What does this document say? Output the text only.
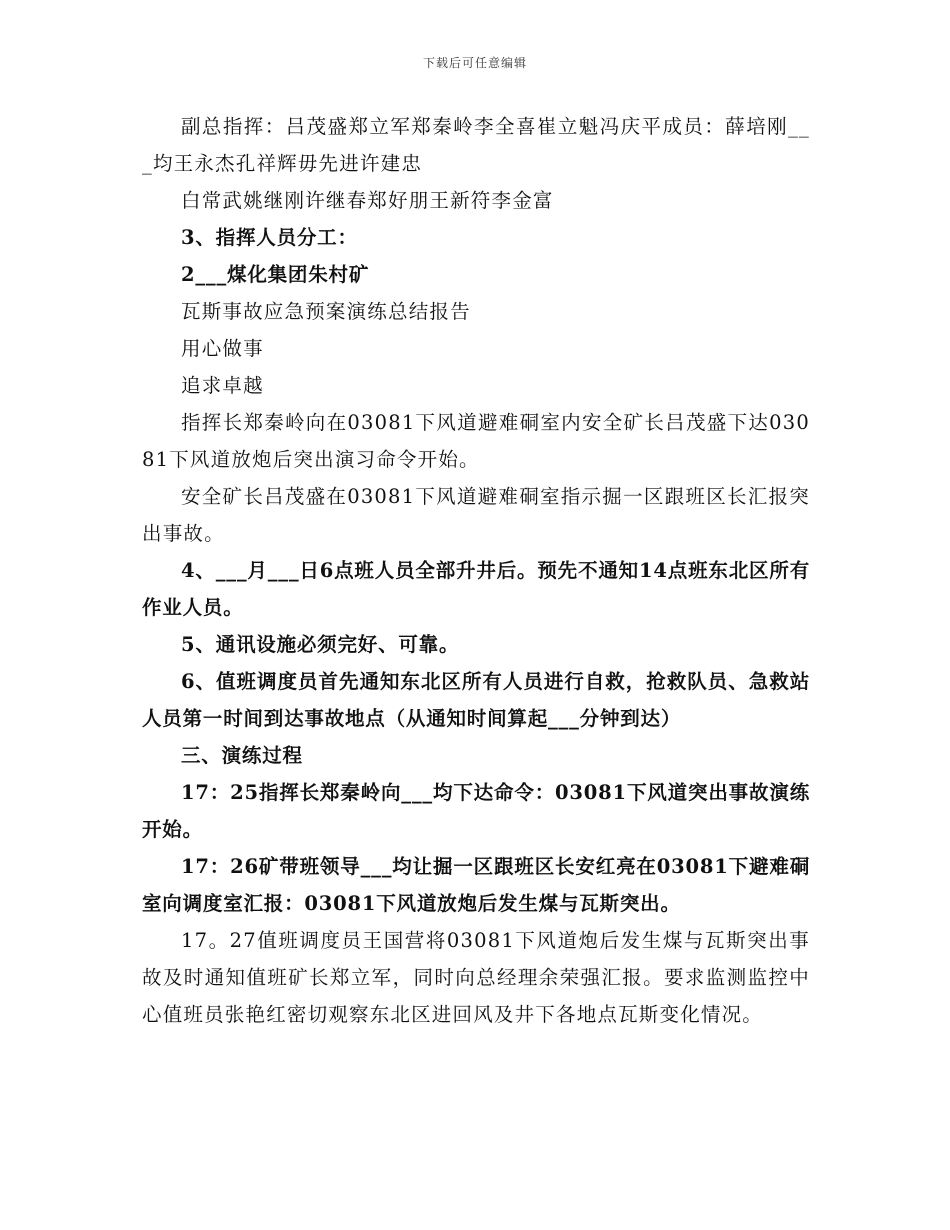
下载后可任意编辑

副总指挥：吕茂盛郑立军郑秦岭李全喜崔立魁冯庆平成员：薛培刚___均王永杰孔祥辉毋先进许建忠

白常武姚继刚许继春郑好朋王新符李金富

3、指挥人员分工：

2___煤化集团朱村矿

瓦斯事故应急预案演练总结报告

用心做事

追求卓越

指挥长郑秦岭向在03081下风道避难硐室内安全矿长吕茂盛下达03081下风道放炮后突出演习命令开始。

安全矿长吕茂盛在03081下风道避难硐室指示掘一区跟班区长汇报突出事故。

4、___月___日6点班人员全部升井后。预先不通知14点班东北区所有作业人员。

5、通讯设施必须完好、可靠。

6、值班调度员首先通知东北区所有人员进行自救，抢救队员、急救站人员第一时间到达事故地点（从通知时间算起___分钟到达）

三、演练过程

17：25指挥长郑秦岭向___均下达命令：03081下风道突出事故演练开始。

17：26矿带班领导___均让掘一区跟班区长安红亮在03081下避难硐室向调度室汇报：03081下风道放炮后发生煤与瓦斯突出。

17。27值班调度员王国营将03081下风道炮后发生煤与瓦斯突出事故及时通知值班矿长郑立军，同时向总经理余荣强汇报。要求监测监控中心值班员张艳红密切观察东北区进回风及井下各地点瓦斯变化情况。
